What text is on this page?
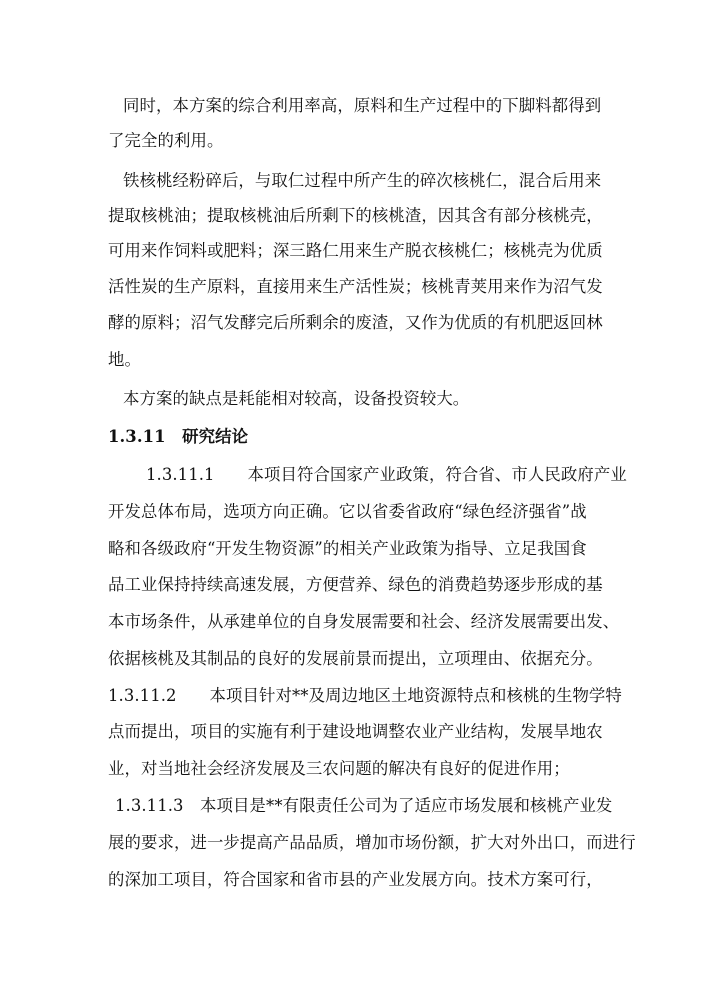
同时，本方案的综合利用率高，原料和生产过程中的下脚料都得到
了完全的利用。
铁核桃经粉碎后，与取仁过程中所产生的碎次核桃仁，混合后用来
提取核桃油；提取核桃油后所剩下的核桃渣，因其含有部分核桃壳，
可用来作饲料或肥料；深三路仁用来生产脱衣核桃仁；核桃壳为优质
活性炭的生产原料，直接用来生产活性炭；核桃青荚用来作为沼气发
酵的原料；沼气发酵完后所剩余的废渣，又作为优质的有机肥返回林
地。
本方案的缺点是耗能相对较高，设备投资较大。
1.3.11　研究结论
1.3.11.1　　本项目符合国家产业政策，符合省、市人民政府产业
开发总体布局，选项方向正确。它以省委省政府“绿色经济强省”战
略和各级政府“开发生物资源”的相关产业政策为指导、立足我国食
品工业保持持续高速发展，方便营养、绿色的消费趋势逐步形成的基
本市场条件，从承建单位的自身发展需要和社会、经济发展需要出发、
依据核桃及其制品的良好的发展前景而提出，立项理由、依据充分。
1.3.11.2　　本项目针对**及周边地区土地资源特点和核桃的生物学特
点而提出，项目的实施有利于建设地调整农业产业结构，发展旱地农
业，对当地社会经济发展及三农问题的解决有良好的促进作用；
1.3.11.3　本项目是**有限责任公司为了适应市场发展和核桃产业发
展的要求，进一步提高产品品质，增加市场份额，扩大对外出口，而进行
的深加工项目，符合国家和省市县的产业发展方向。技术方案可行，
